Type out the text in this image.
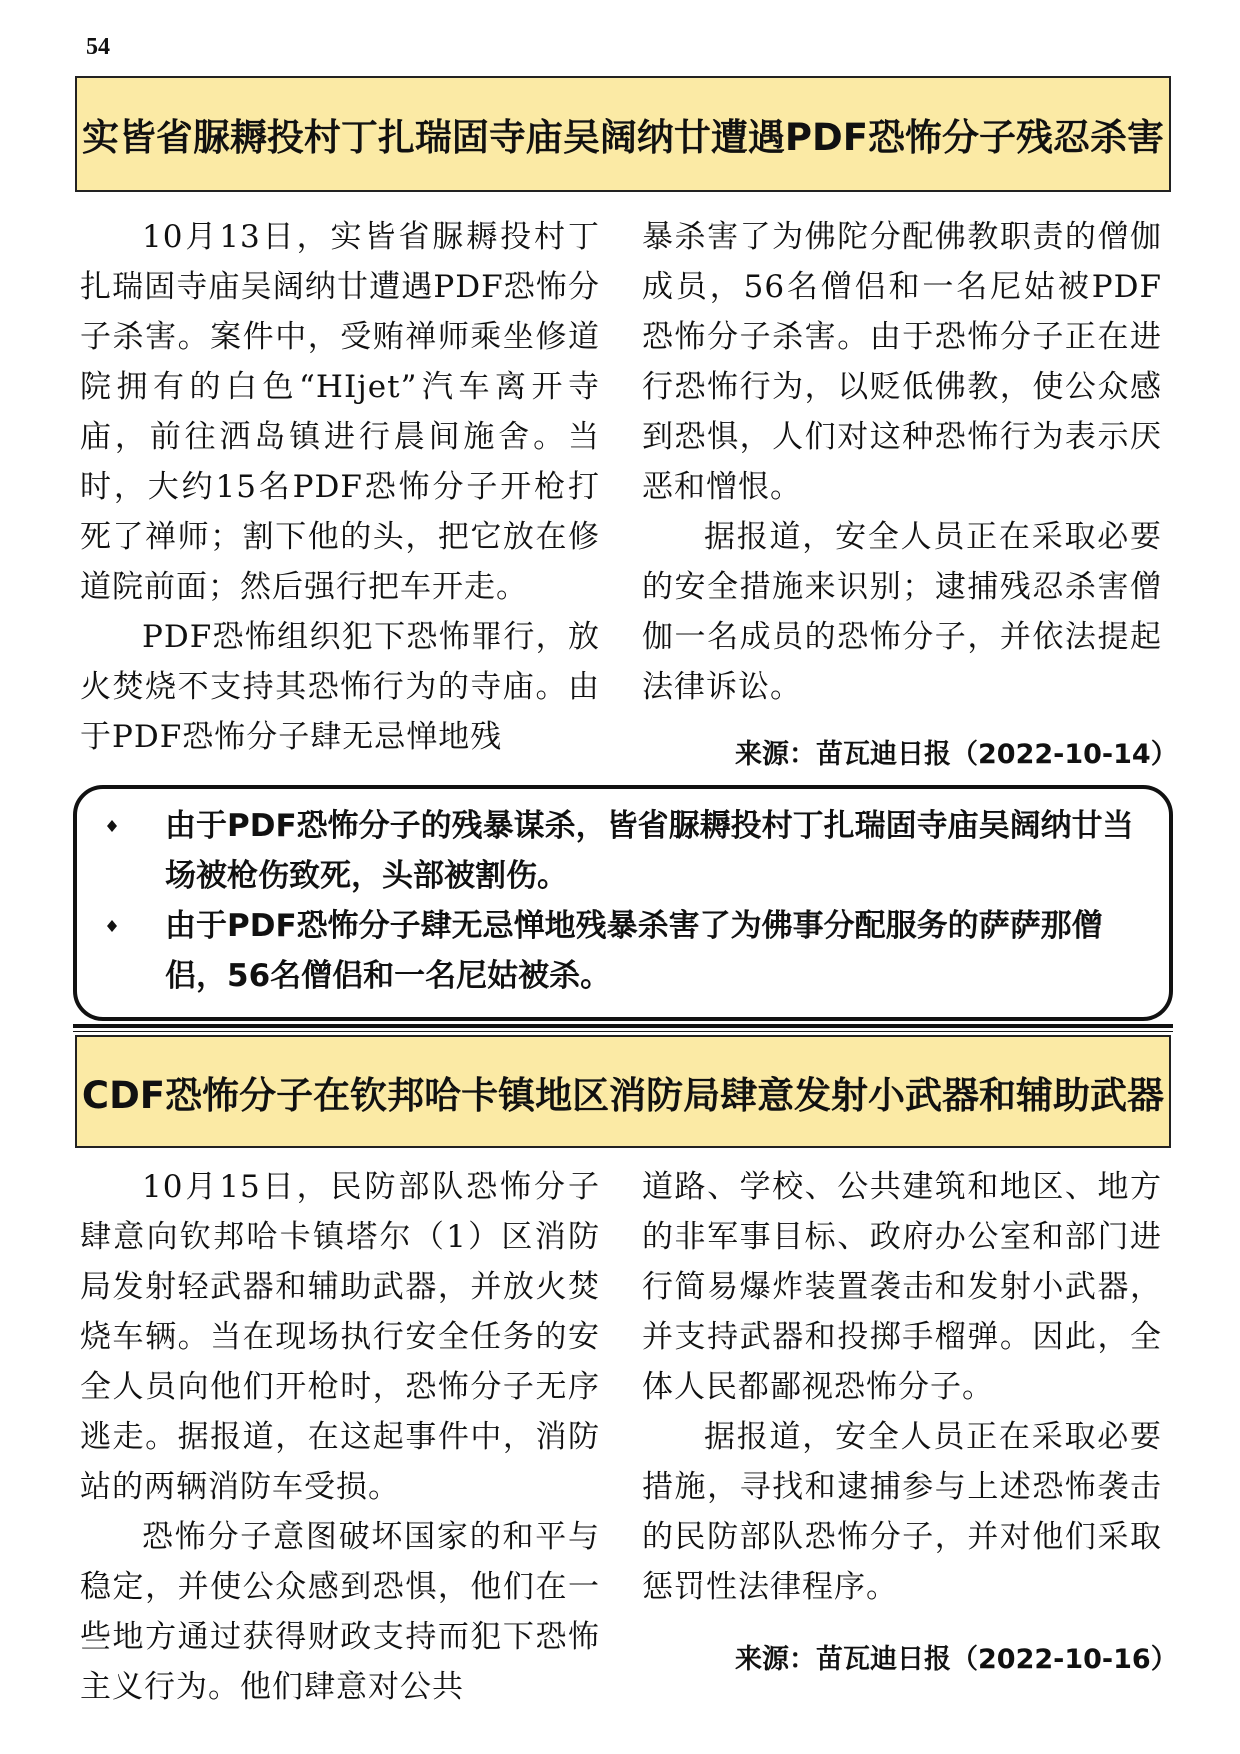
54
实皆省脲耨投村丁扎瑞固寺庙吴阔纳廿遭遇PDF恐怖分子残忍杀害

10月13日，实皆省脲耨投村丁扎瑞固寺庙吴阔纳廿遭遇PDF恐怖分子杀害。案件中，受贿禅师乘坐修道院拥有的白色“HIjet”汽车离开寺庙，前往洒岛镇进行晨间施舍。当时，大约15名PDF恐怖分子开枪打死了禅师；割下他的头，把它放在修道院前面；然后强行把车开走。

PDF恐怖组织犯下恐怖罪行，放火焚烧不支持其恐怖行为的寺庙。由于PDF恐怖分子肆无忌惮地残

暴杀害了为佛陀分配佛教职责的僧伽成员，56名僧侣和一名尼姑被PDF恐怖分子杀害。由于恐怖分子正在进行恐怖行为，以贬低佛教，使公众感到恐惧，人们对这种恐怖行为表示厌恶和憎恨。

据报道，安全人员正在采取必要的安全措施来识别；逮捕残忍杀害僧伽一名成员的恐怖分子，并依法提起法律诉讼。

来源：苗瓦迪日报（2022-10-14）
由于PDF恐怖分子的残暴谋杀，皆省脲耨投村丁扎瑞固寺庙吴阔纳廿当场被枪伤致死，头部被割伤。
由于PDF恐怖分子肆无忌惮地残暴杀害了为佛事分配服务的萨萨那僧侣，56名僧侣和一名尼姑被杀。
CDF恐怖分子在钦邦哈卡镇地区消防局肆意发射小武器和辅助武器

10月15日，民防部队恐怖分子肆意向钦邦哈卡镇塔尔（1）区消防局发射轻武器和辅助武器，并放火焚烧车辆。当在现场执行安全任务的安全人员向他们开枪时，恐怖分子无序逃走。据报道，在这起事件中，消防站的两辆消防车受损。

恐怖分子意图破坏国家的和平与稳定，并使公众感到恐惧，他们在一些地方通过获得财政支持而犯下恐怖主义行为。他们肆意对公共

道路、学校、公共建筑和地区、地方的非军事目标、政府办公室和部门进行简易爆炸装置袭击和发射小武器，并支持武器和投掷手榴弹。因此，全体人民都鄙视恐怖分子。

据报道，安全人员正在采取必要措施，寻找和逮捕参与上述恐怖袭击的民防部队恐怖分子，并对他们采取惩罚性法律程序。

来源：苗瓦迪日报（2022-10-16）
